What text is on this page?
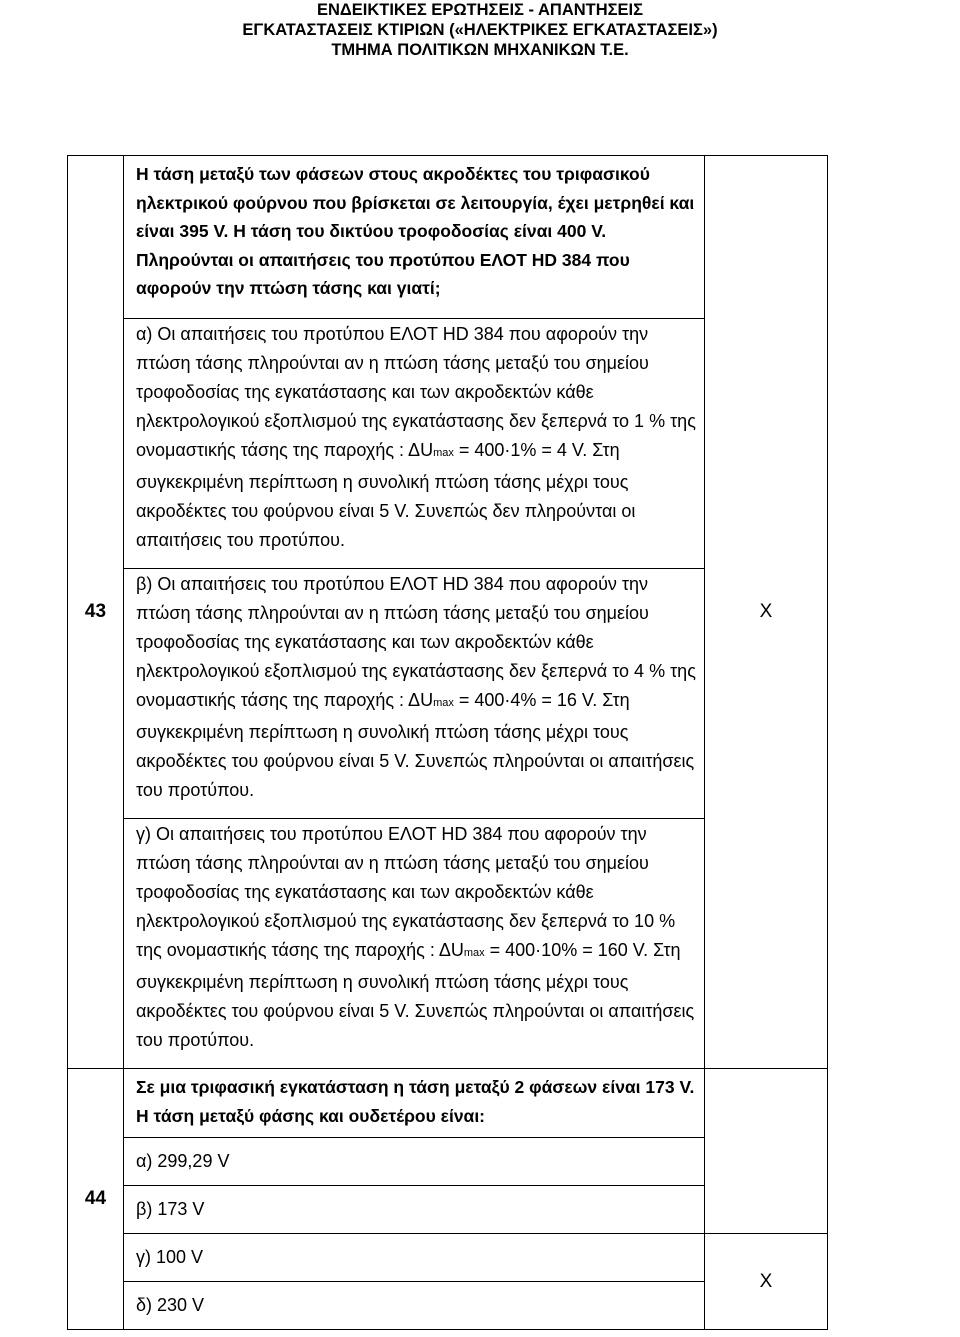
ΕΝΔΕΙΚΤΙΚΕΣ ΕΡΩΤΗΣΕΙΣ - ΑΠΑΝΤΗΣΕΙΣ
ΕΓΚΑΤΑΣΤΑΣΕΙΣ ΚΤΙΡΙΩΝ («ΗΛΕΚΤΡΙΚΕΣ ΕΓΚΑΤΑΣΤΑΣΕΙΣ»)
ΤΜΗΜΑ ΠΟΛΙΤΙΚΩΝ ΜΗΧΑΝΙΚΩΝ Τ.Ε.
43	Η τάση μεταξύ των φάσεων στους ακροδέκτες του τριφασικού ηλεκτρικού φούρνου που βρίσκεται σε λειτουργία, έχει μετρηθεί και είναι 395 V. Η τάση του δικτύου τροφοδοσίας είναι 400 V. Πληρούνται οι απαιτήσεις του προτύπου ΕΛΟΤ HD 384 που αφορούν την πτώση τάσης και γιατί;	Χ
	α) Οι απαιτήσεις του προτύπου ΕΛΟΤ HD 384 που αφορούν την πτώση τάσης πληρούνται αν η πτώση τάσης μεταξύ του σημείου τροφοδοσίας της εγκατάστασης και των ακροδεκτών κάθε ηλεκτρολογικού εξοπλισμού της εγκατάστασης δεν ξεπερνά το 1 % της ονομαστικής τάσης της παροχής : ΔUmax = 400·1% = 4 V. Στη συγκεκριμένη περίπτωση η συνολική πτώση τάσης μέχρι τους ακροδέκτες του φούρνου είναι 5 V. Συνεπώς δεν πληρούνται οι απαιτήσεις του προτύπου.	
	β) Οι απαιτήσεις του προτύπου ΕΛΟΤ HD 384 που αφορούν την πτώση τάσης πληρούνται αν η πτώση τάσης μεταξύ του σημείου τροφοδοσίας της εγκατάστασης και των ακροδεκτών κάθε ηλεκτρολογικού εξοπλισμού της εγκατάστασης δεν ξεπερνά το 4 % της ονομαστικής τάσης της παροχής : ΔUmax = 400·4% = 16 V. Στη συγκεκριμένη περίπτωση η συνολική πτώση τάσης μέχρι τους ακροδέκτες του φούρνου είναι 5 V. Συνεπώς πληρούνται οι απαιτήσεις του προτύπου.	
	γ) Οι απαιτήσεις του προτύπου ΕΛΟΤ HD 384 που αφορούν την πτώση τάσης πληρούνται αν η πτώση τάσης μεταξύ του σημείου τροφοδοσίας της εγκατάστασης και των ακροδεκτών κάθε ηλεκτρολογικού εξοπλισμού της εγκατάστασης δεν ξεπερνά το 10 % της ονομαστικής τάσης της παροχής : ΔUmax = 400·10% = 160 V. Στη συγκεκριμένη περίπτωση η συνολική πτώση τάσης μέχρι τους ακροδέκτες του φούρνου είναι 5 V. Συνεπώς πληρούνται οι απαιτήσεις του προτύπου.	
44	Σε μια τριφασική εγκατάσταση η τάση μεταξύ 2 φάσεων είναι 173 V. Η τάση μεταξύ φάσης και ουδετέρου είναι:	
	α) 299,29 V	
	β) 173 V	
	γ) 100 V	Χ
	δ) 230 V	
